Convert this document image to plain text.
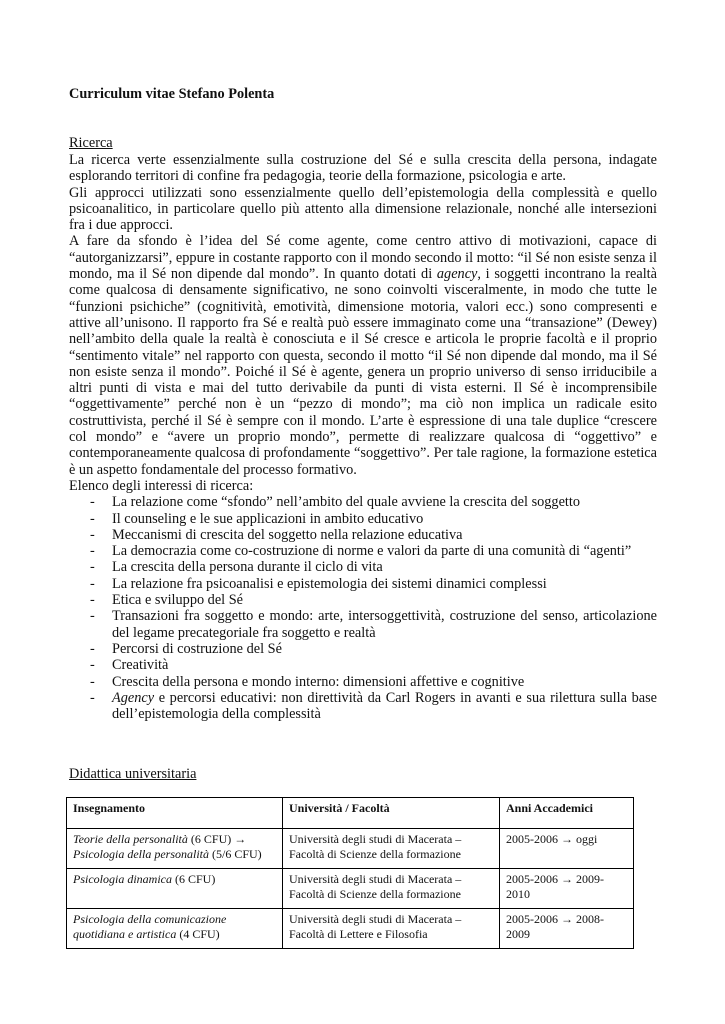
Curriculum vitae Stefano Polenta
Ricerca

La ricerca verte essenzialmente sulla costruzione del Sé e sulla crescita della persona, indagate esplorando territori di confine fra pedagogia, teorie della formazione, psicologia e arte.

Gli approcci utilizzati sono essenzialmente quello dell’epistemologia della complessità e quello psicoanalitico, in particolare quello più attento alla dimensione relazionale, nonché alle intersezioni fra i due approcci.

A fare da sfondo è l’idea del Sé come agente, come centro attivo di motivazioni, capace di “autorganizzarsi”, eppure in costante rapporto con il mondo secondo il motto: “il Sé non esiste senza il mondo, ma il Sé non dipende dal mondo”. In quanto dotati di agency, i soggetti incontrano la realtà come qualcosa di densamente significativo, ne sono coinvolti visceralmente, in modo che tutte le “funzioni psichiche” (cognitività, emotività, dimensione motoria, valori ecc.) sono compresenti e attive all’unisono. Il rapporto fra Sé e realtà può essere immaginato come una “transazione” (Dewey) nell’ambito della quale la realtà è conosciuta e il Sé cresce e articola le proprie facoltà e il proprio “sentimento vitale” nel rapporto con questa, secondo il motto “il Sé non dipende dal mondo, ma il Sé non esiste senza il mondo”. Poiché il Sé è agente, genera un proprio universo di senso irriducibile a altri punti di vista e mai del tutto derivabile da punti di vista esterni. Il Sé è incomprensibile “oggettivamente” perché non è un “pezzo di mondo”; ma ciò non implica un radicale esito costruttivista, perché il Sé è sempre con il mondo. L’arte è espressione di una tale duplice “crescere col mondo” e “avere un proprio mondo”, permette di realizzare qualcosa di “oggettivo” e contemporaneamente qualcosa di profondamente “soggettivo”. Per tale ragione, la formazione estetica è un aspetto fondamentale del processo formativo.

Elenco degli interessi di ricerca:

- La relazione come “sfondo” nell’ambito del quale avviene la crescita del soggetto
- Il counseling e le sue applicazioni in ambito educativo
- Meccanismi di crescita del soggetto nella relazione educativa
- La democrazia come co-costruzione di norme e valori da parte di una comunità di “agenti”
- La crescita della persona durante il ciclo di vita
- La relazione fra psicoanalisi e epistemologia dei sistemi dinamici complessi
- Etica e sviluppo del Sé
- Transazioni fra soggetto e mondo: arte, intersoggettività, costruzione del senso, articolazione del legame precategoriale fra soggetto e realtà
- Percorsi di costruzione del Sé
- Creatività
- Crescita della persona e mondo interno: dimensioni affettive e cognitive
- Agency e percorsi educativi: non direttività da Carl Rogers in avanti e sua rilettura sulla base dell’epistemologia della complessità
Didattica universitaria
Insegnamento	Università / Facoltà	Anni Accademici
Teorie della personalità (6 CFU) →
Psicologia della personalità (5/6 CFU)	Università degli studi di Macerata – Facoltà di Scienze della formazione	2005-2006 → oggi
Psicologia dinamica (6 CFU)	Università degli studi di Macerata – Facoltà di Scienze della formazione	2005-2006 → 2009-2010
Psicologia della comunicazione quotidiana e artistica (4 CFU)	Università degli studi di Macerata – Facoltà di Lettere e Filosofia	2005-2006 → 2008-2009
